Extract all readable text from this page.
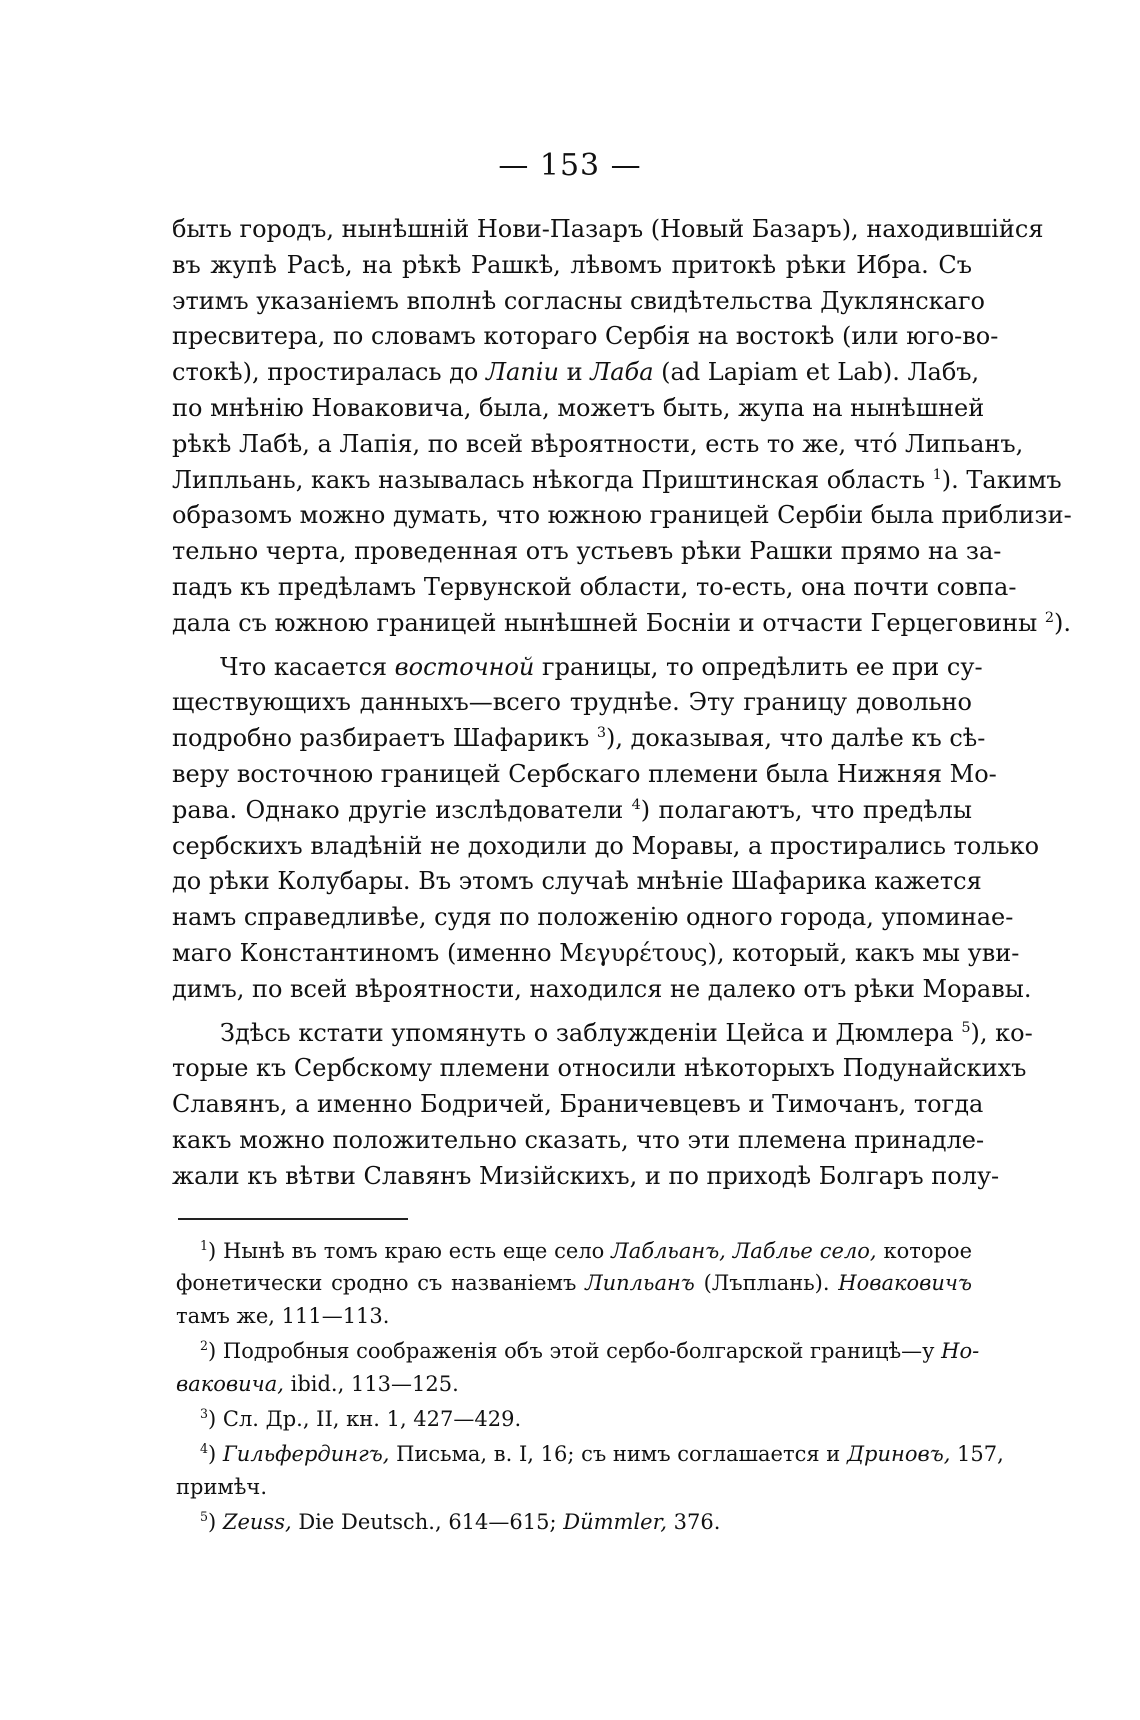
— 153 —
быть городъ, нынѣшній Нови-Пазаръ (Новый Базаръ), находившійся
въ жупѣ Расѣ, на рѣкѣ Рашкѣ, лѣвомъ притокѣ рѣки Ибра. Съ
этимъ указаніемъ вполнѣ согласны свидѣтельства Дуклянскаго
пресвитера, по словамъ котораго Сербія на востокѣ (или юго-во-
стокѣ), простиралась до Лапіи и Лаба (ad Lapiam et Lab). Лабъ,
по мнѣнію Новаковича, была, можетъ быть, жупа на нынѣшней
рѣкѣ Лабѣ, а Лапія, по всей вѣроятности, есть то же, чтó Липьанъ,
Липльань, какъ называлась нѣкогда Приштинская область $^1$). Такимъ
образомъ можно думать, что южною границей Сербіи была приблизи-
тельно черта, проведенная отъ устьевъ рѣки Рашки прямо на за-
падъ къ предѣламъ Тервунской области, то-есть, она почти совпа-
дала съ южною границей нынѣшней Босніи и отчасти Герцеговины $^2$).
Что касается восточной границы, то опредѣлить ее при су-
ществующихъ данныхъ—всего труднѣе. Эту границу довольно
подробно разбираетъ Шафарикъ $^3$), доказывая, что далѣе къ сѣ-
веру восточною границей Сербскаго племени была Нижняя Мо-
рава. Однако другіе изслѣдователи $^4$) полагаютъ, что предѣлы
сербскихъ владѣній не доходили до Моравы, а простирались только
до рѣки Колубары. Въ этомъ случаѣ мнѣніе Шафарика кажется
намъ справедливѣе, судя по положенію одного города, упоминае-
маго Константиномъ (именно Μεγυρέτους), который, какъ мы уви-
димъ, по всей вѣроятности, находился не далеко отъ рѣки Моравы.
Здѣсь кстати упомянуть о заблужденіи Цейса и Дюмлера $^5$), ко-
торые къ Сербскому племени относили нѣкоторыхъ Подунайскихъ
Славянъ, а именно Бодричей, Браничевцевъ и Тимочанъ, тогда
какъ можно положительно сказать, что эти племена принадле-
жали къ вѣтви Славянъ Мизійскихъ, и по приходѣ Болгаръ полу-
$^1$) Нынѣ въ томъ краю есть еще село Лабльанъ, Лаблье село, которое
фонетически сродно съ названіемъ Липльанъ (Лъплıань). Новаковичъ
тамъ же, 111—113.
$^2$) Подробныя соображенія объ этой сербо-болгарской границѣ—у Но-
ваковича, ibid., 113—125.
$^3$) Сл. Др., II, кн. 1, 427—429.
$^4$) Гильфердингъ, Письма, в. I, 16; съ нимъ соглашается и Дриновъ, 157,
примѣч.
$^5$) Zeuss, Die Deutsch., 614—615; Dümmler, 376.
